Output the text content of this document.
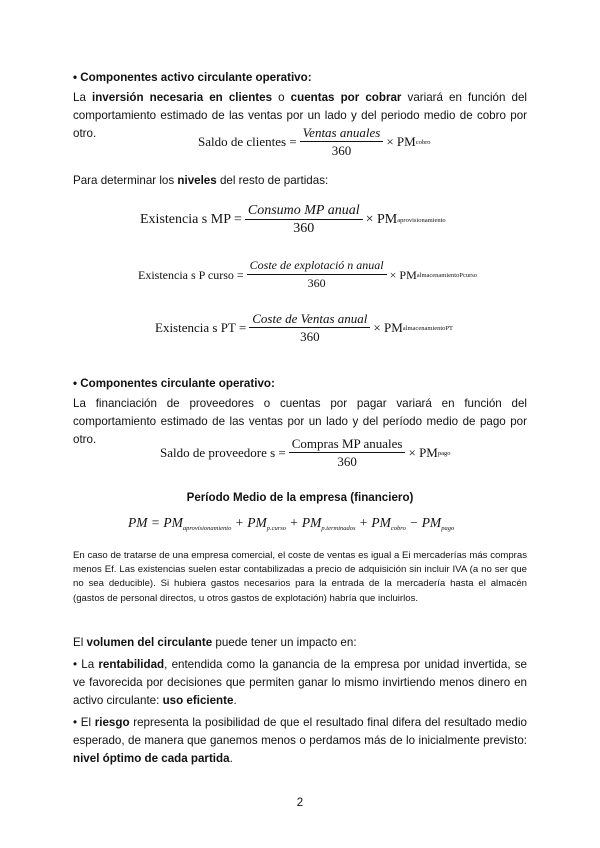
• Componentes activo circulante operativo:
La inversión necesaria en clientes o cuentas por cobrar variará en función del comportamiento estimado de las ventas por un lado y del periodo medio de cobro por otro.
Saldo de clientes = $\frac{\text{Ventas anuales}}{360}$ × PM cobro
Para determinar los niveles del resto de partidas:
Existencia s MP = $\frac{\text{Consumo MP anual}}{360}$ × PM aprovisionamiento
Existencia s P curso = $\frac{\text{Coste de explotació n anual}}{360}$ × PM almacenamientoPcurso
Existencia s PT = $\frac{\text{Coste de Ventas anual}}{360}$ × PM almacenamientoPT
• Componentes circulante operativo:
La financiación de proveedores o cuentas por pagar variará en función del comportamiento estimado de las ventas por un lado y del período medio de pago por otro.
Saldo de proveedore $s = \frac{\text{Compras MP anuales}}{360}$ × PM pago
Período Medio de la empresa (financiero)
PM = $PM_{aprovisionamiento} + PM_{p.curso} + PM_{p.terminados} + PM_{cobro} - PM_{pago}$
En caso de tratarse de una empresa comercial, el coste de ventas es igual a Ei mercaderías más compras menos Ef. Las existencias suelen estar contabilizadas a precio de adquisición sin incluir IVA (a no ser que no sea deducible). Si hubiera gastos necesarios para la entrada de la mercadería hasta el almacén (gastos de personal directos, u otros gastos de explotación) habría que incluirlos.
El volumen del circulante puede tener un impacto en:
• La rentabilidad, entendida como la ganancia de la empresa por unidad invertida, se ve favorecida por decisiones que permiten ganar lo mismo invirtiendo menos dinero en activo circulante: uso eficiente.
• El riesgo representa la posibilidad de que el resultado final difera del resultado medio esperado, de manera que ganemos menos o perdamos más de lo inicialmente previsto: nivel óptimo de cada partida.
2
